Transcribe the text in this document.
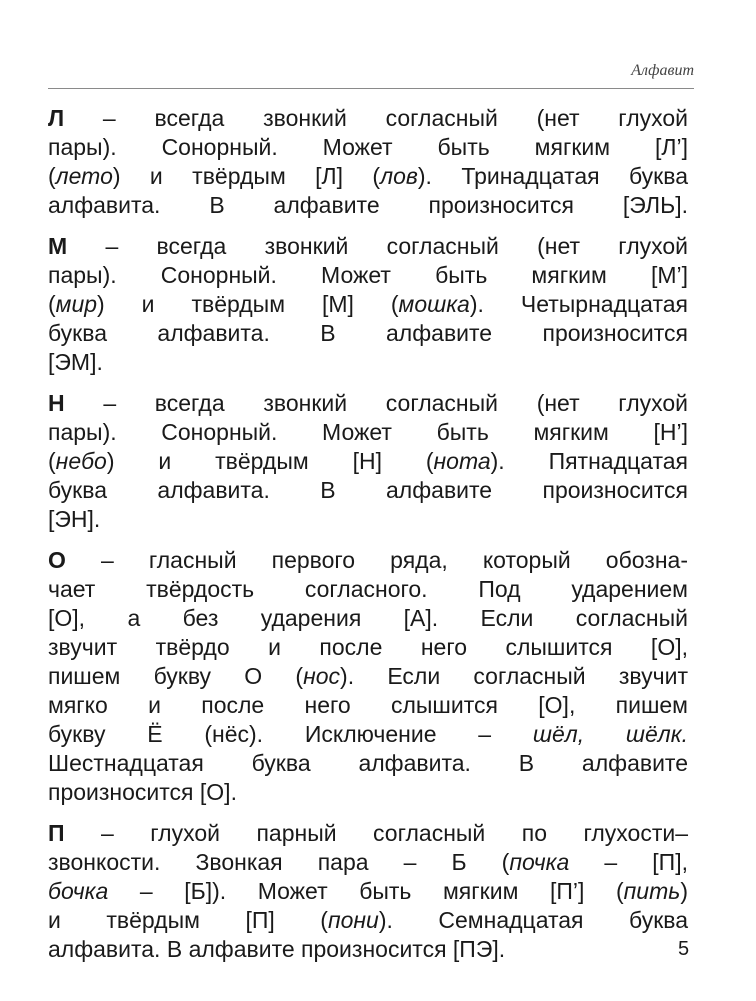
Алфавит
Л – всегда звонкий согласный (нет глухой
пары). Сонорный. Может быть мягким [Л’]
(лето) и твёрдым [Л] (лов). Тринадцатая буква
алфавита. В алфавите произносится [ЭЛЬ].
М – всегда звонкий согласный (нет глухой
пары). Сонорный. Может быть мягким [М’]
(мир) и твёрдым [М] (мошка). Четырнадцатая
буква алфавита. В алфавите произносится
[ЭМ].
Н – всегда звонкий согласный (нет глухой
пары). Сонорный. Может быть мягким [Н’]
(небо) и твёрдым [Н] (нота). Пятнадцатая
буква алфавита. В алфавите произносится
[ЭН].
О – гласный первого ряда, который обозна-
чает твёрдость согласного. Под ударением
[О], а без ударения [А]. Если согласный
звучит твёрдо и после него слышится [О],
пишем букву О (нос). Если согласный звучит
мягко и после него слышится [О], пишем
букву Ё (нёс). Исключение – шёл, шёлк.
Шестнадцатая буква алфавита. В алфавите
произносится [О].
П – глухой парный согласный по глухости–
звонкости. Звонкая пара – Б (почка – [П],
бочка – [Б]). Может быть мягким [П’] (пить)
и твёрдым [П] (пони). Семнадцатая буква
алфавита. В алфавите произносится [ПЭ].	5
